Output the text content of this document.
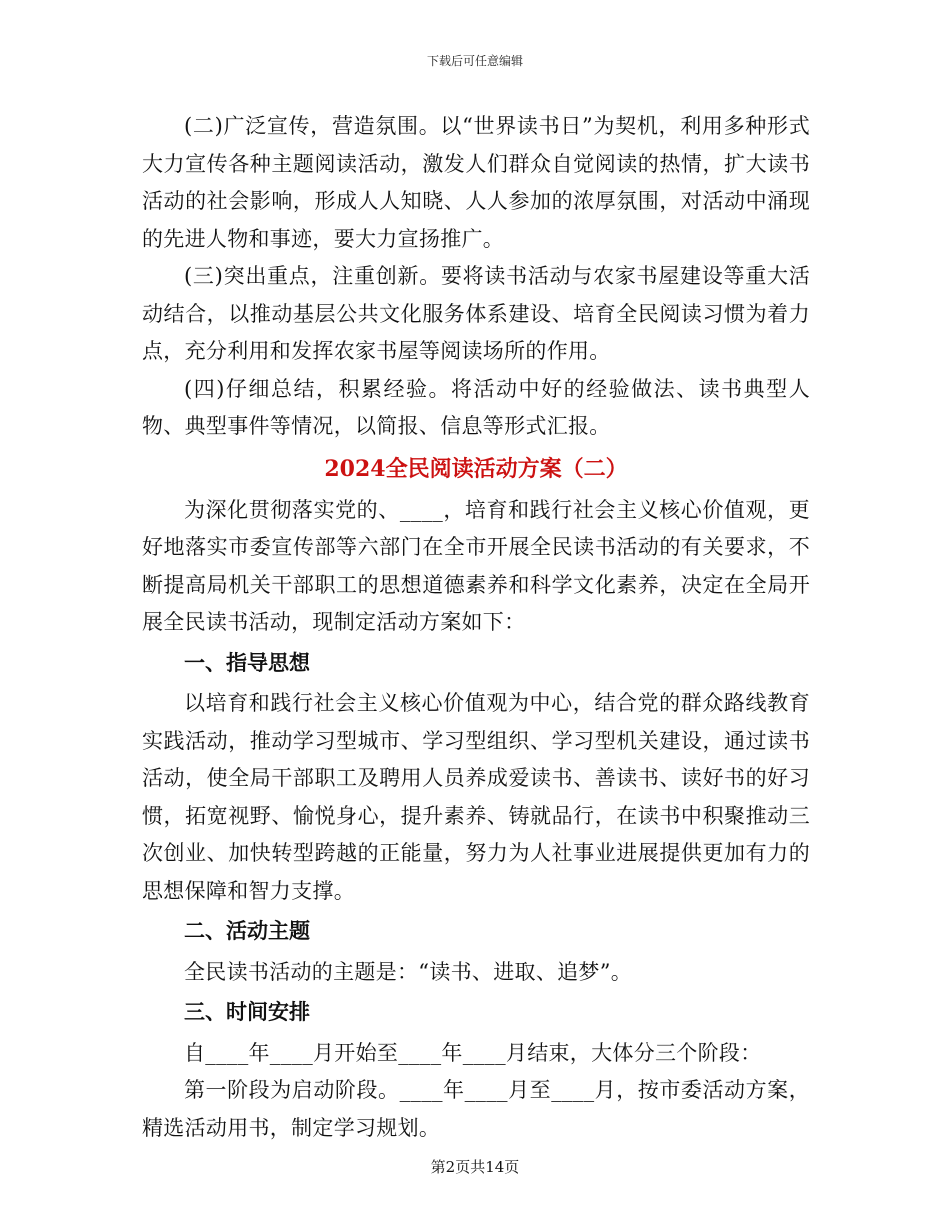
下载后可任意编辑

(二)广泛宣传，营造氛围。以“世界读书日”为契机，利用多种形式大力宣传各种主题阅读活动，激发人们群众自觉阅读的热情，扩大读书活动的社会影响，形成人人知晓、人人参加的浓厚氛围，对活动中涌现的先进人物和事迹，要大力宣扬推广。

(三)突出重点，注重创新。要将读书活动与农家书屋建设等重大活动结合，以推动基层公共文化服务体系建设、培育全民阅读习惯为着力点，充分利用和发挥农家书屋等阅读场所的作用。

(四)仔细总结，积累经验。将活动中好的经验做法、读书典型人物、典型事件等情况，以简报、信息等形式汇报。

2024全民阅读活动方案（二）

为深化贯彻落实党的、____，培育和践行社会主义核心价值观，更好地落实市委宣传部等六部门在全市开展全民读书活动的有关要求，不断提高局机关干部职工的思想道德素养和科学文化素养，决定在全局开展全民读书活动，现制定活动方案如下：

一、指导思想

以培育和践行社会主义核心价值观为中心，结合党的群众路线教育实践活动，推动学习型城市、学习型组织、学习型机关建设，通过读书活动，使全局干部职工及聘用人员养成爱读书、善读书、读好书的好习惯，拓宽视野、愉悦身心，提升素养、铸就品行，在读书中积聚推动三次创业、加快转型跨越的正能量，努力为人社事业进展提供更加有力的思想保障和智力支撑。

二、活动主题

全民读书活动的主题是：“读书、进取、追梦”。

三、时间安排

自____年____月开始至____年____月结束，大体分三个阶段：

第一阶段为启动阶段。____年____月至____月，按市委活动方案，精选活动用书，制定学习规划。

第2页共14页
